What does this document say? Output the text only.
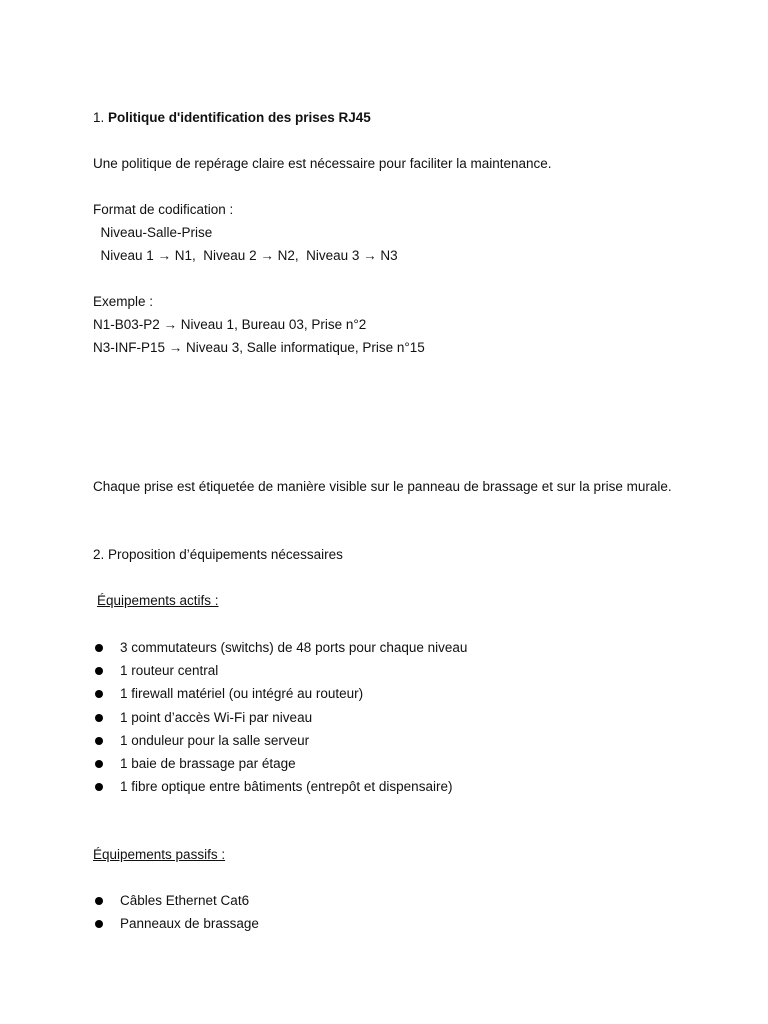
1. Politique d'identification des prises RJ45
Une politique de repérage claire est nécessaire pour faciliter la maintenance.
Format de codification :
Niveau-Salle-Prise
Niveau 1 → N1,  Niveau 2 → N2,  Niveau 3 → N3
Exemple :
N1-B03-P2 → Niveau 1, Bureau 03, Prise n°2
N3-INF-P15 → Niveau 3, Salle informatique, Prise n°15
Chaque prise est étiquetée de manière visible sur le panneau de brassage et sur la prise murale.
2. Proposition d’équipements nécessaires
Équipements actifs :
3 commutateurs (switchs) de 48 ports pour chaque niveau
1 routeur central
1 firewall matériel (ou intégré au routeur)
1 point d’accès Wi-Fi par niveau
1 onduleur pour la salle serveur
1 baie de brassage par étage
1 fibre optique entre bâtiments (entrepôt et dispensaire)
Équipements passifs :
Câbles Ethernet Cat6
Panneaux de brassage
